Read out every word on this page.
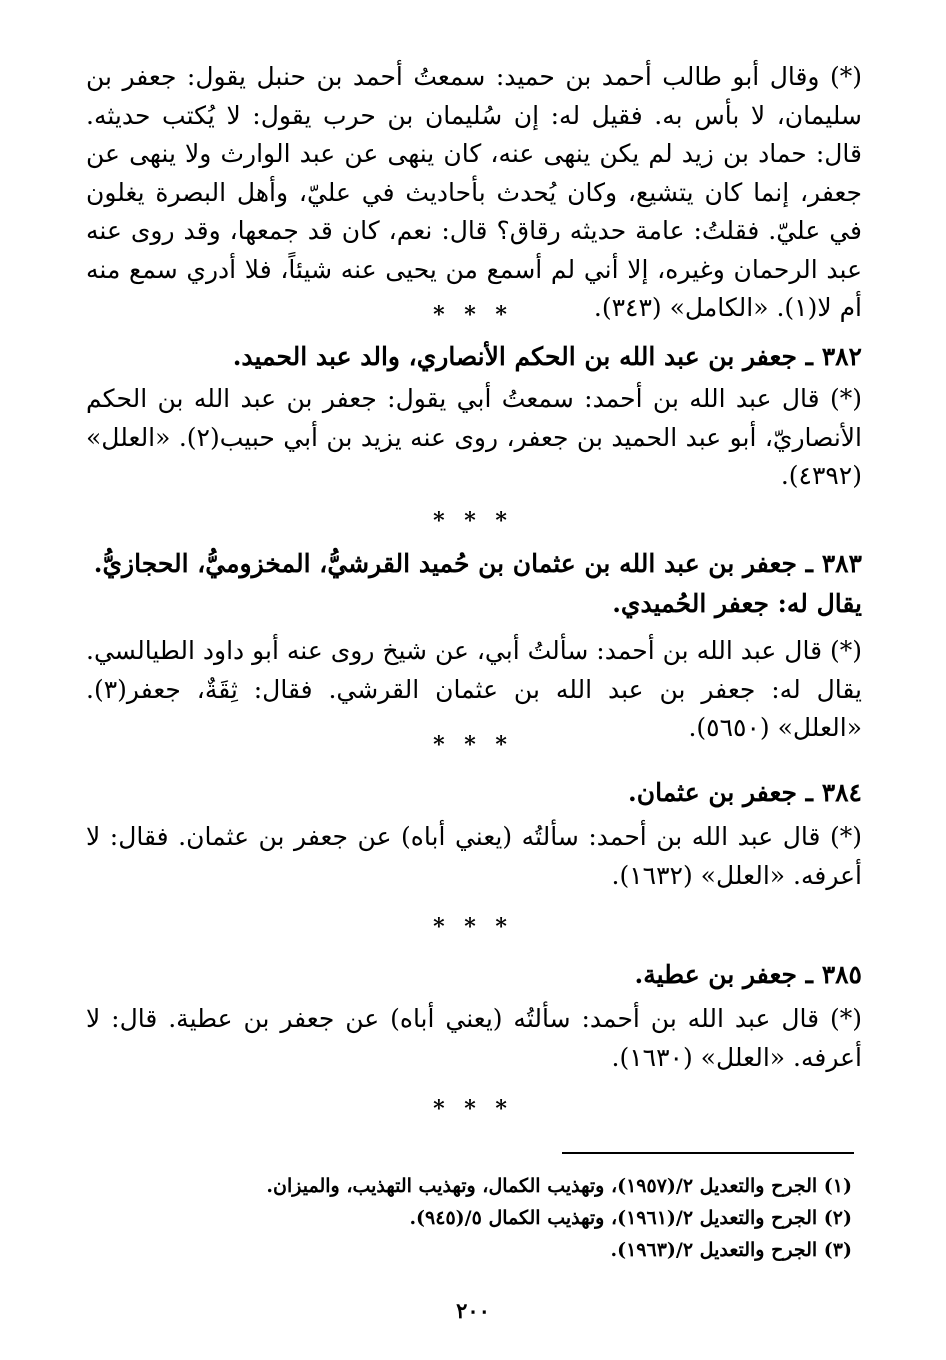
(*) وقال أبو طالب أحمد بن حميد: سمعتُ أحمد بن حنبل يقول: جعفر بن سليمان، لا بأس به. فقيل له: إن سُليمان بن حرب يقول: لا يُكتب حديثه. قال: حماد بن زيد لم يكن ينهى عنه، كان ينهى عن عبد الوارث ولا ينهى عن جعفر، إنما كان يتشيع، وكان يُحدث بأحاديث في عليّ، وأهل البصرة يغلون في عليّ. فقلتُ: عامة حديثه رقاق؟ قال: نعم، كان قد جمعها، وقد روى عنه عبد الرحمان وغيره، إلا أني لم أسمع من يحيى عنه شيئاً، فلا أدري سمع منه أم لا(١). «الكامل» (٣٤٣).
* * *
٣٨٢ ـ جعفر بن عبد الله بن الحكم الأنصاري، والد عبد الحميد.
(*) قال عبد الله بن أحمد: سمعتُ أبي يقول: جعفر بن عبد الله بن الحكم الأنصاريّ، أبو عبد الحميد بن جعفر، روى عنه يزيد بن أبي حبيب(٢). «العلل» (٤٣٩٢).
* * *
٣٨٣ ـ جعفر بن عبد الله بن عثمان بن حُميد القرشيُّ، المخزوميُّ، الحجازيُّ. يقال له: جعفر الحُميدي.
(*) قال عبد الله بن أحمد: سألتُ أبي، عن شيخ روى عنه أبو داود الطيالسي. يقال له: جعفر بن عبد الله بن عثمان القرشي. فقال: ثِقَةٌ، جعفر(٣). «العلل» (٥٦٥٠).
* * *
٣٨٤ ـ جعفر بن عثمان.
(*) قال عبد الله بن أحمد: سألتُه (يعني أباه) عن جعفر بن عثمان. فقال: لا أعرفه. «العلل» (١٦٣٢).
* * *
٣٨٥ ـ جعفر بن عطية.
(*) قال عبد الله بن أحمد: سألتُه (يعني أباه) عن جعفر بن عطية. قال: لا أعرفه. «العلل» (١٦٣٠).
* * *
(١) الجرح والتعديل ٢/(١٩٥٧)، وتهذيب الكمال، وتهذيب التهذيب، والميزان.
(٢) الجرح والتعديل ٢/(١٩٦١)، وتهذيب الكمال ٥/(٩٤٥).
(٣) الجرح والتعديل ٢/(١٩٦٣).
٢٠٠
